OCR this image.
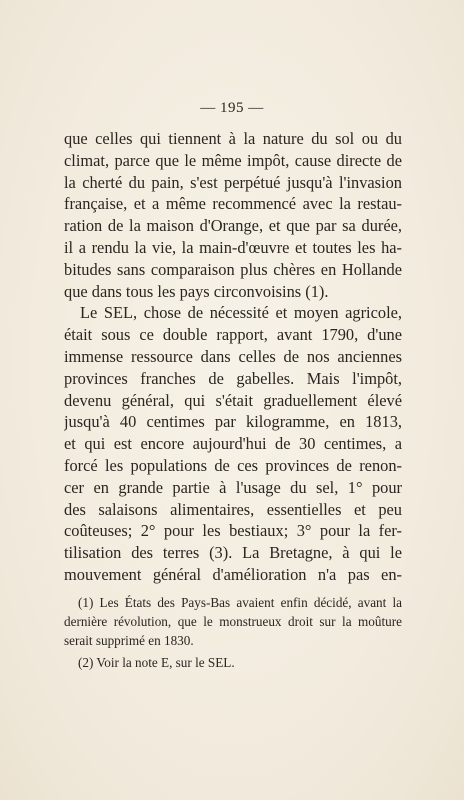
— 195 —
que celles qui tiennent à la nature du sol ou du
climat, parce que le même impôt, cause directe de
la cherté du pain, s'est perpétué jusqu'à l'invasion
française, et a même recommencé avec la restau-
ration de la maison d'Orange, et que par sa durée,
il a rendu la vie, la main-d'œuvre et toutes les ha-
bitudes sans comparaison plus chères en Hollande
que dans tous les pays circonvoisins (1).
Le SEL, chose de nécessité et moyen agricole,
était sous ce double rapport, avant 1790, d'une
immense ressource dans celles de nos anciennes
provinces franches de gabelles. Mais l'impôt,
devenu général, qui s'était graduellement élevé
jusqu'à 40 centimes par kilogramme, en 1813,
et qui est encore aujourd'hui de 30 centimes, a
forcé les populations de ces provinces de renon-
cer en grande partie à l'usage du sel, 1° pour
des salaisons alimentaires, essentielles et peu
coûteuses; 2° pour les bestiaux; 3° pour la fer-
tilisation des terres (3). La Bretagne, à qui le
mouvement général d'amélioration n'a pas en-
(1) Les États des Pays-Bas avaient enfin décidé, avant la
dernière révolution, que le monstrueux droit sur la moûture
serait supprimé en 1830.
(2) Voir la note E, sur le SEL.
